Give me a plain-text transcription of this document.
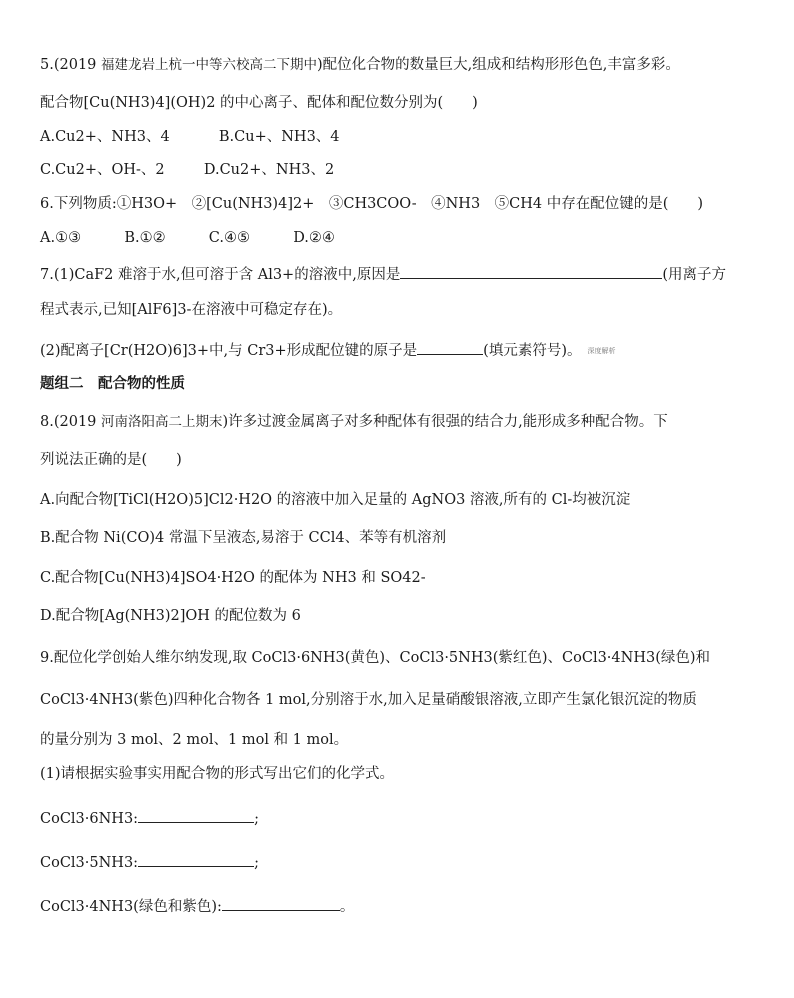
5.(2019 福建龙岩上杭一中等六校高二下期中)配位化合物的数量巨大,组成和结构形形色色,丰富多彩。
配合物[Cu(NH3)4](OH)2 的中心离子、配体和配位数分别为(　　)
A.Cu2+、NH3、4	B.Cu+、NH3、4
C.Cu2+、OH-、2	D.Cu2+、NH3、2
6.下列物质:①H3O+　②[Cu(NH3)4]2+　③CH3COO-　④NH3　⑤CH4 中存在配位键的是(　　)
A.①③	B.①②	C.④⑤	D.②④
7.(1)CaF2 难溶于水,但可溶于含 Al3+的溶液中,原因是	(用离子方
程式表示,已知[AlF6]3-在溶液中可稳定存在)。
(2)配离子[Cr(H2O)6]3+中,与 Cr3+形成配位键的原子是	(填元素符号)。 深度解析
题组二　配合物的性质
8.(2019 河南洛阳高二上期末)许多过渡金属离子对多种配体有很强的结合力,能形成多种配合物。下
列说法正确的是(　　)
A.向配合物[TiCl(H2O)5]Cl2·H2O 的溶液中加入足量的 AgNO3 溶液,所有的 Cl-均被沉淀
B.配合物 Ni(CO)4 常温下呈液态,易溶于 CCl4、苯等有机溶剂
C.配合物[Cu(NH3)4]SO4·H2O 的配体为 NH3 和 SO42-
D.配合物[Ag(NH3)2]OH 的配位数为 6
9.配位化学创始人维尔纳发现,取 CoCl3·6NH3(黄色)、CoCl3·5NH3(紫红色)、CoCl3·4NH3(绿色)和
CoCl3·4NH3(紫色)四种化合物各 1 mol,分别溶于水,加入足量硝酸银溶液,立即产生氯化银沉淀的物质
的量分别为 3 mol、2 mol、1 mol 和 1 mol。
(1)请根据实验事实用配合物的形式写出它们的化学式。
CoCl3·6NH3:	;
CoCl3·5NH3:	;
CoCl3·4NH3(绿色和紫色):	。
